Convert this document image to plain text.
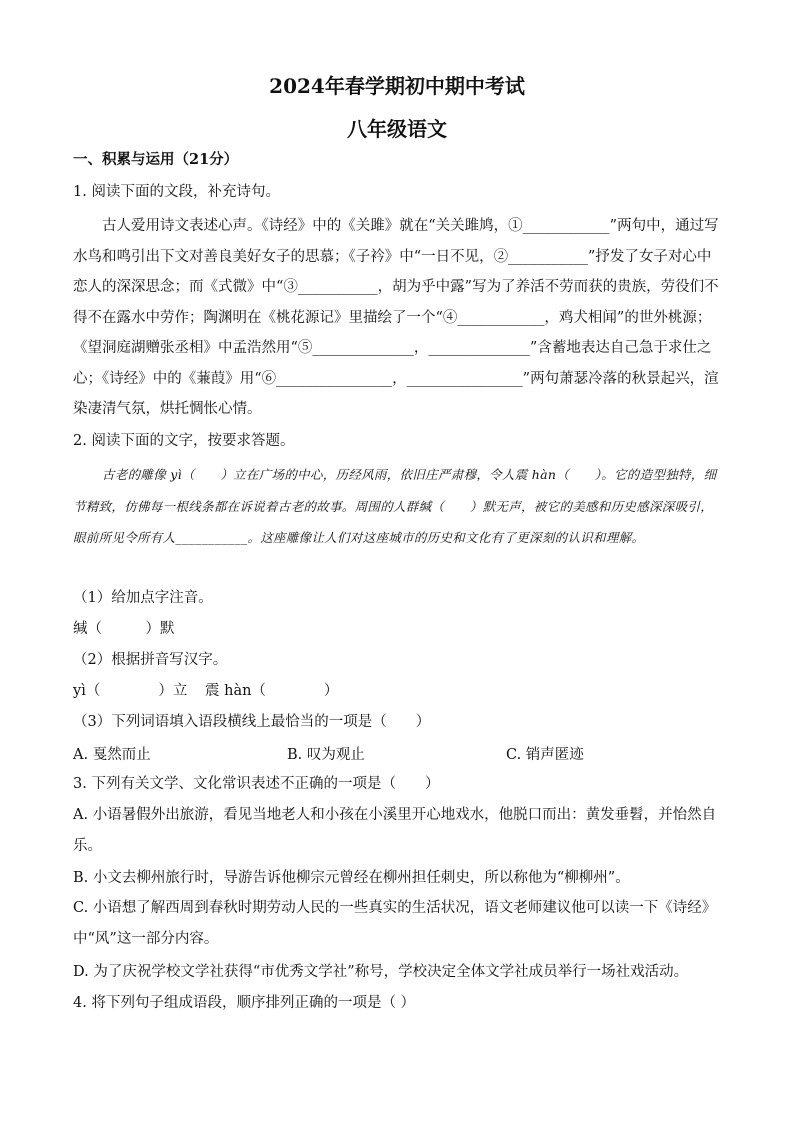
2024年春学期初中期中考试
八年级语文
一、积累与运用（21分）
1. 阅读下面的文段，补充诗句。
古人爱用诗文表述心声。《诗经》中的《关雎》就在“关关雎鸠，①____________”两句中，通过写水鸟和鸣引出下文对善良美好女子的思慕；《子衿》中“一日不见，②___________”抒发了女子对心中恋人的深深思念；而《式微》中“③___________，胡为乎中露”写为了养活不劳而获的贵族，劳役们不得不在露水中劳作；陶渊明在《桃花源记》里描绘了一个“④____________，鸡犬相闻”的世外桃源；《望洞庭湖赠张丞相》中孟浩然用“⑤______________，______________”含蓄地表达自己急于求仕之心；《诗经》中的《蒹葭》用“⑥________________，________________”两句萧瑟冷落的秋景起兴，渲染凄清气氛，烘托惆怅心情。
2. 阅读下面的文字，按要求答题。
古老的雕像 yì（　　）立在广场的中心，历经风雨，依旧庄严肃穆，令人震 hàn（　　）。它的造型独特，细节精致，仿佛每一根线条都在诉说着古老的故事。周围的人群缄（　　）默无声，被它的美感和历史感深深吸引，眼前所见令所有人___________。这座雕像让人们对这座城市的历史和文化有了更深刻的认识和理解。
（1）给加点字注音。
缄（　　　）默
（2）根据拼音写汉字。
yì（　　　　）立 震 hàn（　　　　）
（3）下列词语填入语段横线上最恰当的一项是（　　）
A. 戛然而止	B. 叹为观止	C. 销声匿迹
3. 下列有关文学、文化常识表述不正确的一项是（　　）
A. 小语暑假外出旅游，看见当地老人和小孩在小溪里开心地戏水，他脱口而出：黄发垂髫，并怡然自乐。
B. 小文去柳州旅行时，导游告诉他柳宗元曾经在柳州担任刺史，所以称他为“柳柳州”。
C. 小语想了解西周到春秋时期劳动人民的一些真实的生活状况，语文老师建议他可以读一下《诗经》中“风”这一部分内容。
D. 为了庆祝学校文学社获得“市优秀文学社”称号，学校决定全体文学社成员举行一场社戏活动。
4. 将下列句子组成语段，顺序排列正确的一项是（ ）
